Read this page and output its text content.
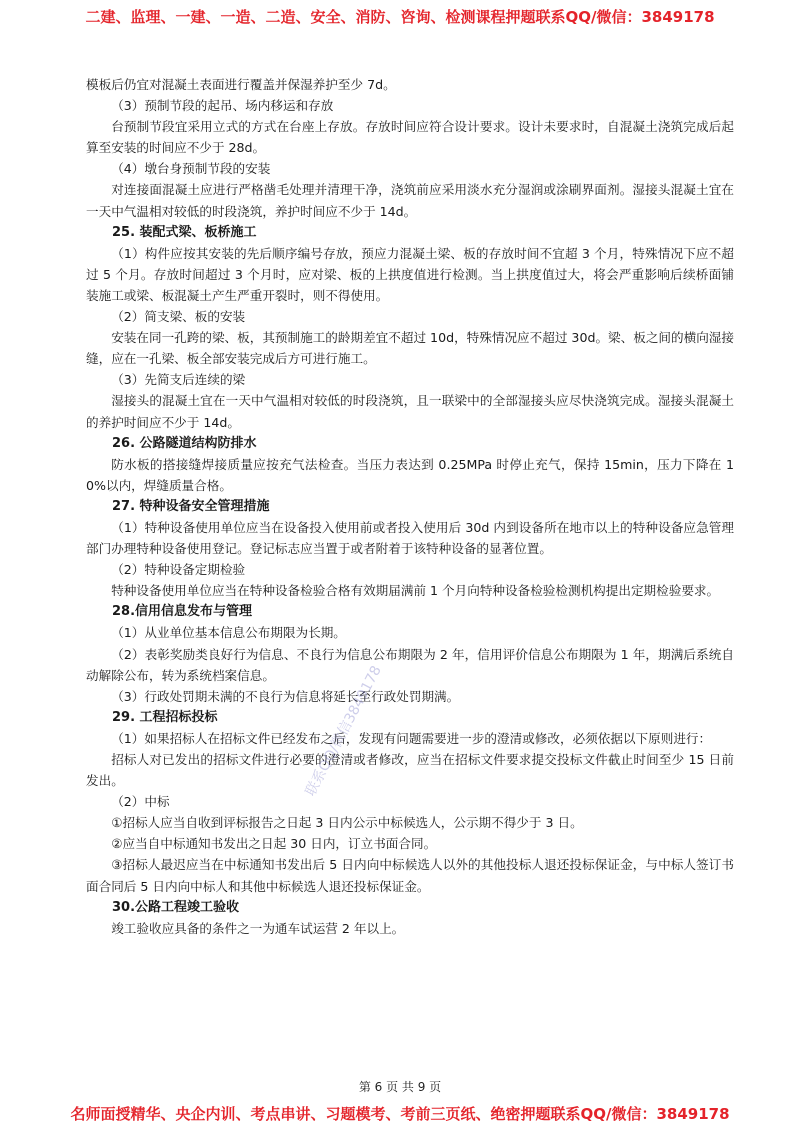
二建、监理、一建、一造、二造、安全、消防、咨询、检测课程押题联系QQ/微信：3849178
模板后仍宜对混凝土表面进行覆盖并保湿养护至少 7d。
（3）预制节段的起吊、场内移运和存放
台预制节段宜采用立式的方式在台座上存放。存放时间应符合设计要求。设计未要求时，自混凝土浇筑完成后起算至安装的时间应不少于 28d。
（4）墩台身预制节段的安装
对连接面混凝土应进行严格凿毛处理并清理干净，浇筑前应采用淡水充分湿润或涂刷界面剂。湿接头混凝土宜在一天中气温相对较低的时段浇筑，养护时间应不少于 14d。
25. 装配式梁、板桥施工
（1）构件应按其安装的先后顺序编号存放，预应力混凝土梁、板的存放时间不宜超 3 个月，特殊情况下应不超过 5 个月。存放时间超过 3 个月时，应对梁、板的上拱度值进行检测。当上拱度值过大，将会严重影响后续桥面铺装施工或梁、板混凝土产生严重开裂时，则不得使用。
（2）简支梁、板的安装
安装在同一孔跨的梁、板，其预制施工的龄期差宜不超过 10d，特殊情况应不超过 30d。梁、板之间的横向湿接缝，应在一孔梁、板全部安装完成后方可进行施工。
（3）先简支后连续的梁
湿接头的混凝土宜在一天中气温相对较低的时段浇筑，且一联梁中的全部湿接头应尽快浇筑完成。湿接头混凝土的养护时间应不少于 14d。
26. 公路隧道结构防排水
防水板的搭接缝焊接质量应按充气法检查。当压力表达到 0.25MPa 时停止充气，保持 15min，压力下降在 10%以内，焊缝质量合格。
27. 特种设备安全管理措施
（1）特种设备使用单位应当在设备投入使用前或者投入使用后 30d 内到设备所在地市以上的特种设备应急管理部门办理特种设备使用登记。登记标志应当置于或者附着于该特种设备的显著位置。
（2）特种设备定期检验
特种设备使用单位应当在特种设备检验合格有效期届满前 1 个月向特种设备检验检测机构提出定期检验要求。
28.信用信息发布与管理
（1）从业单位基本信息公布期限为长期。
（2）表彰奖励类良好行为信息、不良行为信息公布期限为 2 年，信用评价信息公布期限为 1 年，期满后系统自动解除公布，转为系统档案信息。
（3）行政处罚期未满的不良行为信息将延长至行政处罚期满。
29. 工程招标投标
（1）如果招标人在招标文件已经发布之后，发现有问题需要进一步的澄清或修改，必须依据以下原则进行：
招标人对已发出的招标文件进行必要的澄清或者修改，应当在招标文件要求提交投标文件截止时间至少 15 日前发出。
（2）中标
①招标人应当自收到评标报告之日起 3 日内公示中标候选人，公示期不得少于 3 日。
②应当自中标通知书发出之日起 30 日内，订立书面合同。
③招标人最迟应当在中标通知书发出后 5 日内向中标候选人以外的其他投标人退还投标保证金，与中标人签订书面合同后 5 日内向中标人和其他中标候选人退还投标保证金。
30.公路工程竣工验收
竣工验收应具备的条件之一为通车试运营 2 年以上。
联系QQ/微信3849178
第 6 页 共 9 页
名师面授精华、央企内训、考点串讲、习题模考、考前三页纸、绝密押题联系QQ/微信：3849178
